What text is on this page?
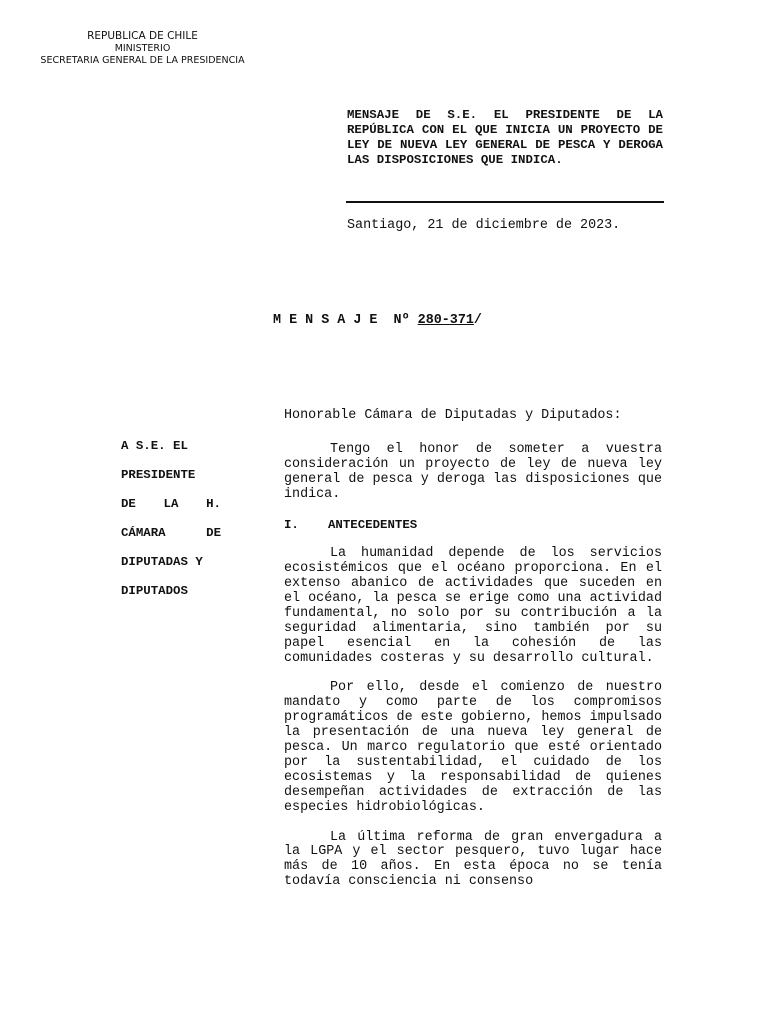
REPUBLICA DE CHILE
MINISTERIO
SECRETARIA GENERAL DE LA PRESIDENCIA
MENSAJE DE S.E. EL PRESIDENTE DE LA REPÚBLICA CON EL QUE INICIA UN PROYECTO DE LEY DE NUEVA LEY GENERAL DE PESCA Y DEROGA LAS DISPOSICIONES QUE INDICA.
Santiago, 21 de diciembre de 2023.
M E N S A J E  Nº 280-371/
Honorable Cámara de Diputadas y Diputados:
A S.E. EL
PRESIDENTE
DE LA H.
CÁMARA DE
DIPUTADAS Y
DIPUTADOS

Tengo el honor de someter a vuestra consideración un proyecto de ley de nueva ley general de pesca y deroga las disposiciones que indica.

I. ANTECEDENTES

La humanidad depende de los servicios ecosistémicos que el océano proporciona. En el extenso abanico de actividades que suceden en el océano, la pesca se erige como una actividad fundamental, no solo por su contribución a la seguridad alimentaria, sino también por su papel esencial en la cohesión de las comunidades costeras y su desarrollo cultural.

Por ello, desde el comienzo de nuestro mandato y como parte de los compromisos programáticos de este gobierno, hemos impulsado la presentación de una nueva ley general de pesca. Un marco regulatorio que esté orientado por la sustentabilidad, el cuidado de los ecosistemas y la responsabilidad de quienes desempeñan actividades de extracción de las especies hidrobiológicas.

La última reforma de gran envergadura a la LGPA y el sector pesquero, tuvo lugar hace más de 10 años. En esta época no se tenía todavía consciencia ni consenso
